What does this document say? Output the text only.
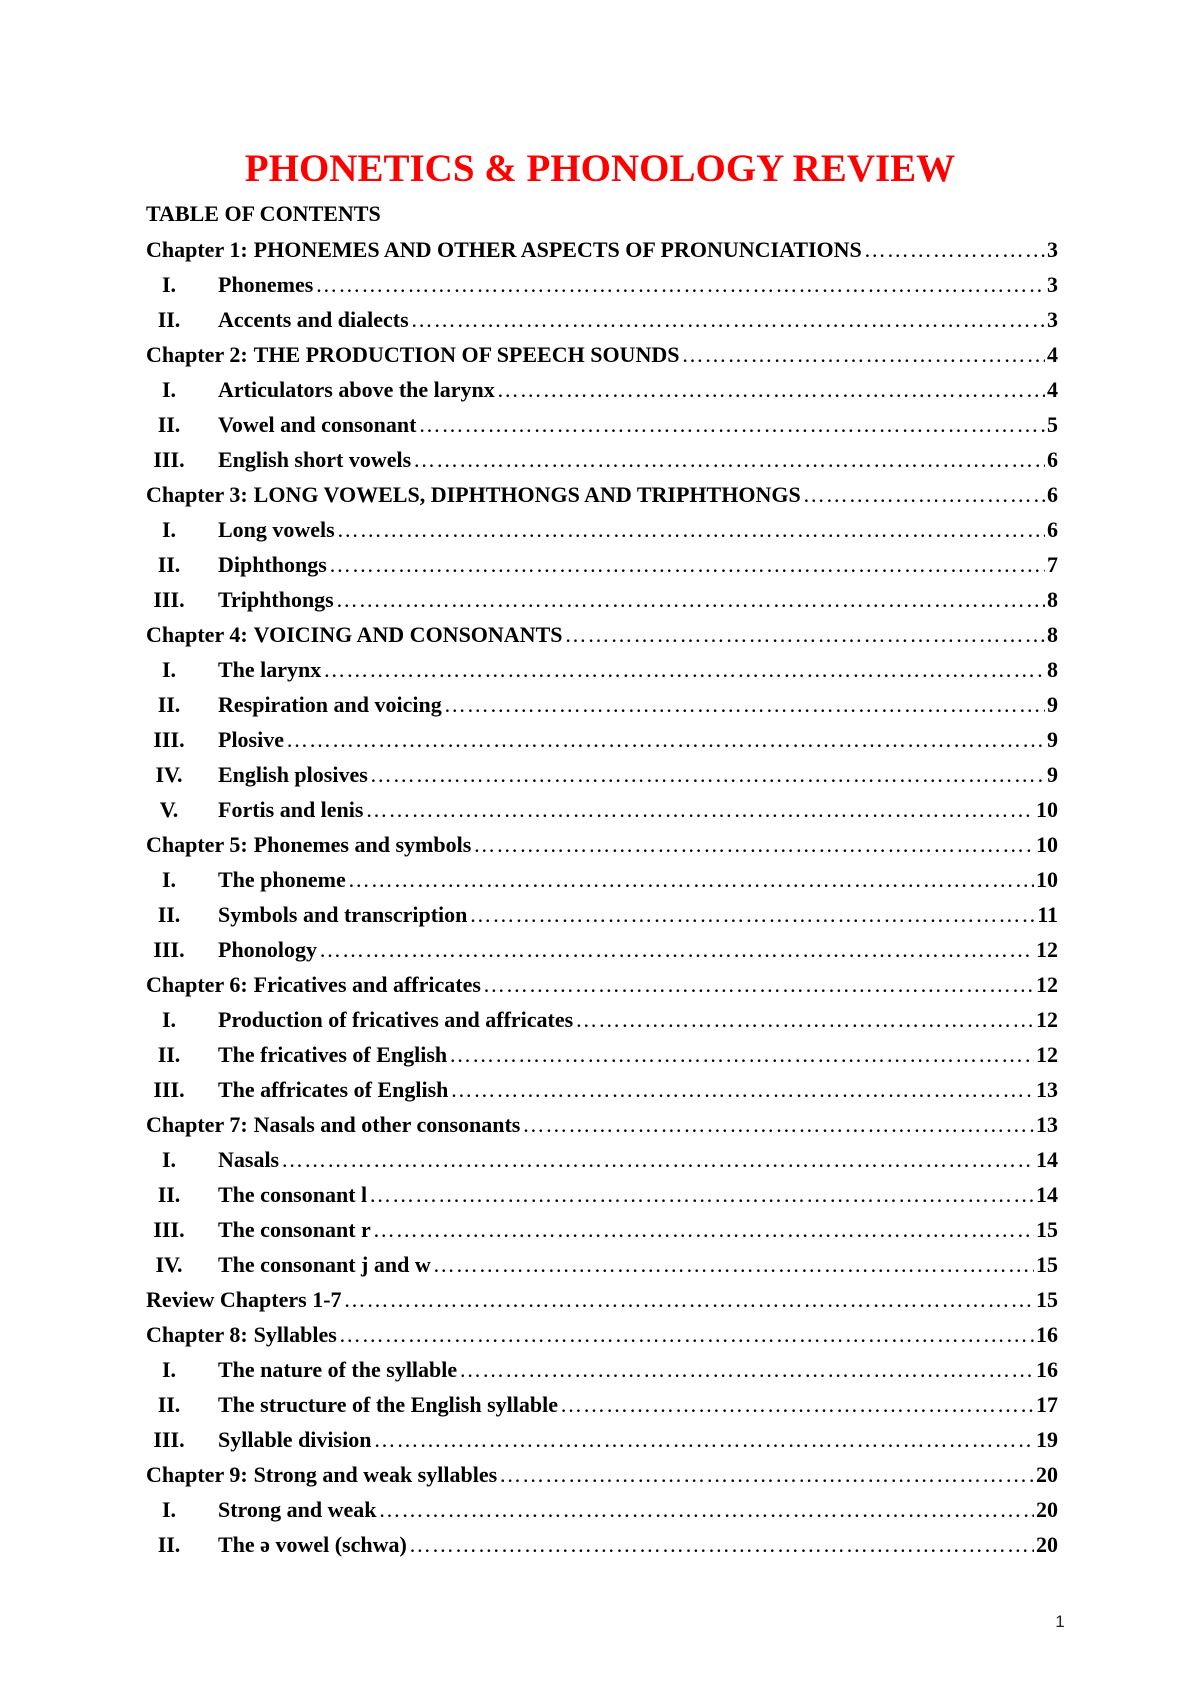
PHONETICS & PHONOLOGY REVIEW
TABLE OF CONTENTS
Chapter 1: PHONEMES AND OTHER ASPECTS OF PRONUNCIATIONS ……………………………………………………………………………………………………………………………………………………………………………………	3
I.	Phonemes ……………………………………………………………………………………………………………………………………………………………………………………	3
II.	Accents and dialects ……………………………………………………………………………………………………………………………………………………………………………………	3
Chapter 2: THE PRODUCTION OF SPEECH SOUNDS ……………………………………………………………………………………………………………………………………………………………………………………	4
I.	Articulators above the larynx ……………………………………………………………………………………………………………………………………………………………………………………	4
II.	Vowel and consonant ……………………………………………………………………………………………………………………………………………………………………………………	5
III.	English short vowels ……………………………………………………………………………………………………………………………………………………………………………………	6
Chapter 3: LONG VOWELS, DIPHTHONGS AND TRIPHTHONGS ……………………………………………………………………………………………………………………………………………………………………………………	6
I.	Long vowels ……………………………………………………………………………………………………………………………………………………………………………………	6
II.	Diphthongs ……………………………………………………………………………………………………………………………………………………………………………………	7
III.	Triphthongs ……………………………………………………………………………………………………………………………………………………………………………………	8
Chapter 4: VOICING AND CONSONANTS ……………………………………………………………………………………………………………………………………………………………………………………	8
I.	The larynx ……………………………………………………………………………………………………………………………………………………………………………………	8
II.	Respiration and voicing ……………………………………………………………………………………………………………………………………………………………………………………	9
III.	Plosive ……………………………………………………………………………………………………………………………………………………………………………………	9
IV.	English plosives ……………………………………………………………………………………………………………………………………………………………………………………	9
V.	Fortis and lenis ……………………………………………………………………………………………………………………………………………………………………………………	10
Chapter 5: Phonemes and symbols ……………………………………………………………………………………………………………………………………………………………………………………	10
I.	The phoneme ……………………………………………………………………………………………………………………………………………………………………………………	10
II.	Symbols and transcription ……………………………………………………………………………………………………………………………………………………………………………………	11
III.	Phonology ……………………………………………………………………………………………………………………………………………………………………………………	12
Chapter 6: Fricatives and affricates ……………………………………………………………………………………………………………………………………………………………………………………	12
I.	Production of fricatives and affricates ……………………………………………………………………………………………………………………………………………………………………………………	12
II.	The fricatives of English ……………………………………………………………………………………………………………………………………………………………………………………	12
III.	The affricates of English ……………………………………………………………………………………………………………………………………………………………………………………	13
Chapter 7: Nasals and other consonants ……………………………………………………………………………………………………………………………………………………………………………………	13
I.	Nasals ……………………………………………………………………………………………………………………………………………………………………………………	14
II.	The consonant l ……………………………………………………………………………………………………………………………………………………………………………………	14
III.	The consonant r ……………………………………………………………………………………………………………………………………………………………………………………	15
IV.	The consonant j and w ……………………………………………………………………………………………………………………………………………………………………………………	15
Review Chapters 1-7 ……………………………………………………………………………………………………………………………………………………………………………………	15
Chapter 8: Syllables ……………………………………………………………………………………………………………………………………………………………………………………	16
I.	The nature of the syllable ……………………………………………………………………………………………………………………………………………………………………………………	16
II.	The structure of the English syllable ……………………………………………………………………………………………………………………………………………………………………………………	17
III.	Syllable division ……………………………………………………………………………………………………………………………………………………………………………………	19
Chapter 9: Strong and weak syllables ……………………………………………………………………………………………………………………………………………………………………………………	20
I.	Strong and weak ……………………………………………………………………………………………………………………………………………………………………………………	20
II.	The ə vowel (schwa) ……………………………………………………………………………………………………………………………………………………………………………………	20
1
